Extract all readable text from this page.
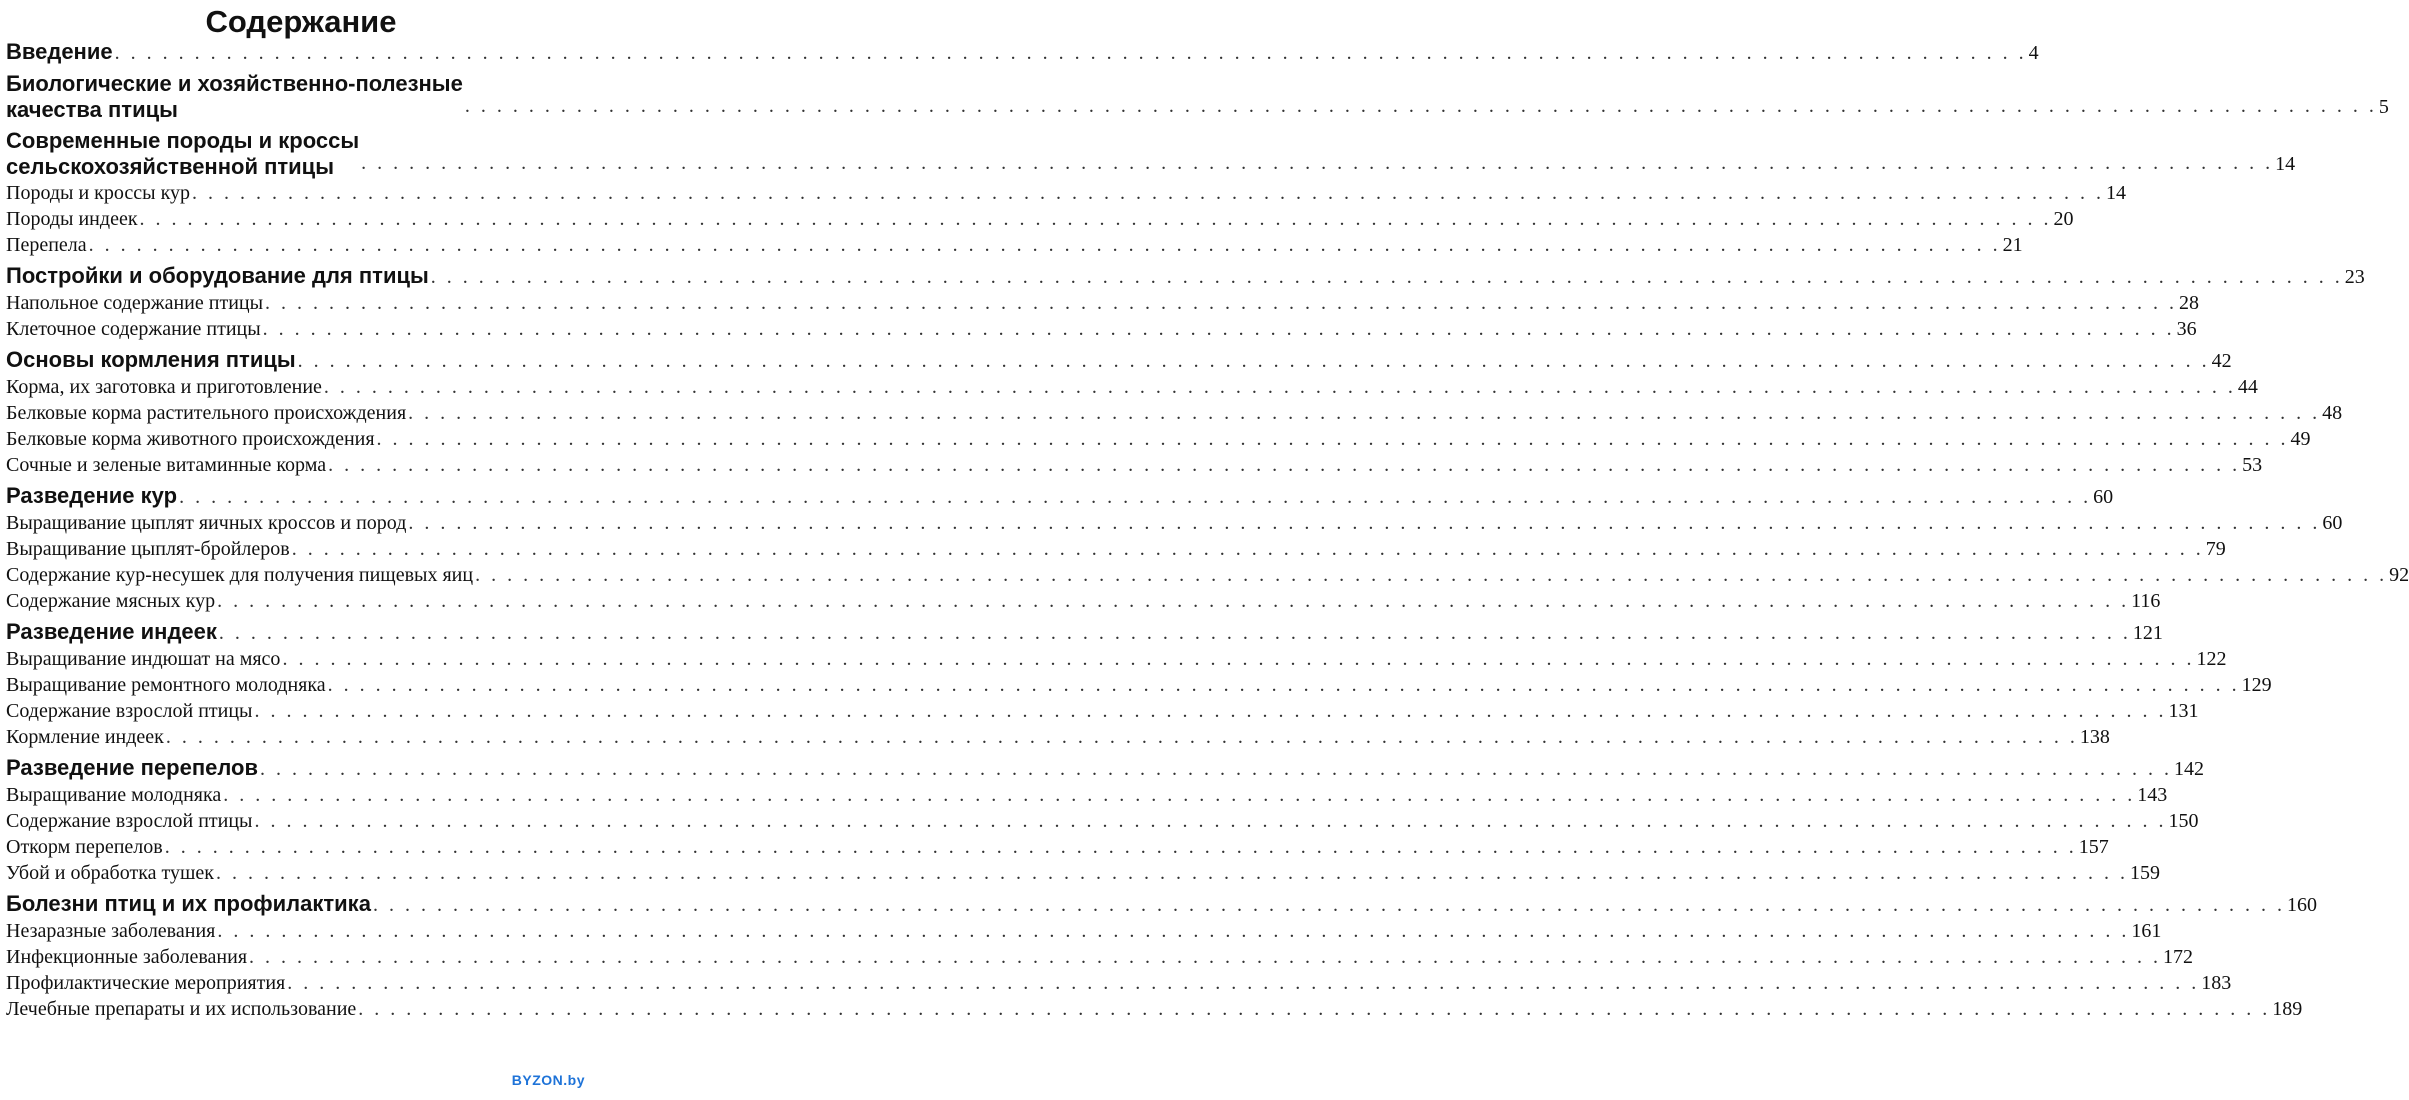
Содержание
Введение . . . . . . . . . . . . . . . . . . . . . . . . . . . . . . . . . . . . . . . . . . . . . . . . . . . . . . . . . . . . . . . . . . . . . . . . . . . . . . . . . . . . . . . . . . . . . . . . . . . . . . . . . . . . . . . . . . . . . . . . 4
Биологические и хозяйственно-полезные
качества птицы	. . . . . . . . . . . . . . . . . . . . . . . . . . . . . . . . . . . . . . . . . . . . . . . . . . . . . . . . . . . . . . . . . . . . . . . . . . . . . . . . . . . . . . . . . . . . . . . . . . . . . . . . . . . . . . . . . . . . . . . . 5
Современные породы и кроссы
сельскохозяйственной птицы	. . . . . . . . . . . . . . . . . . . . . . . . . . . . . . . . . . . . . . . . . . . . . . . . . . . . . . . . . . . . . . . . . . . . . . . . . . . . . . . . . . . . . . . . . . . . . . . . . . . . . . . . . . . . . . . . . . . . . . . . 14
Породы и кроссы кур . . . . . . . . . . . . . . . . . . . . . . . . . . . . . . . . . . . . . . . . . . . . . . . . . . . . . . . . . . . . . . . . . . . . . . . . . . . . . . . . . . . . . . . . . . . . . . . . . . . . . . . . . . . . . . . . . . . . . . . . 14
Породы индеек . . . . . . . . . . . . . . . . . . . . . . . . . . . . . . . . . . . . . . . . . . . . . . . . . . . . . . . . . . . . . . . . . . . . . . . . . . . . . . . . . . . . . . . . . . . . . . . . . . . . . . . . . . . . . . . . . . . . . . . . 20
Перепела . . . . . . . . . . . . . . . . . . . . . . . . . . . . . . . . . . . . . . . . . . . . . . . . . . . . . . . . . . . . . . . . . . . . . . . . . . . . . . . . . . . . . . . . . . . . . . . . . . . . . . . . . . . . . . . . . . . . . . . . 21
Постройки и оборудование для птицы . . . . . . . . . . . . . . . . . . . . . . . . . . . . . . . . . . . . . . . . . . . . . . . . . . . . . . . . . . . . . . . . . . . . . . . . . . . . . . . . . . . . . . . . . . . . . . . . . . . . . . . . . . . . . . . . . . . . . . . . 23
Напольное содержание птицы . . . . . . . . . . . . . . . . . . . . . . . . . . . . . . . . . . . . . . . . . . . . . . . . . . . . . . . . . . . . . . . . . . . . . . . . . . . . . . . . . . . . . . . . . . . . . . . . . . . . . . . . . . . . . . . . . . . . . . . . 28
Клеточное содержание птицы . . . . . . . . . . . . . . . . . . . . . . . . . . . . . . . . . . . . . . . . . . . . . . . . . . . . . . . . . . . . . . . . . . . . . . . . . . . . . . . . . . . . . . . . . . . . . . . . . . . . . . . . . . . . . . . . . . . . . . . . 36
Основы кормления птицы . . . . . . . . . . . . . . . . . . . . . . . . . . . . . . . . . . . . . . . . . . . . . . . . . . . . . . . . . . . . . . . . . . . . . . . . . . . . . . . . . . . . . . . . . . . . . . . . . . . . . . . . . . . . . . . . . . . . . . . . 42
Корма, их заготовка и приготовление . . . . . . . . . . . . . . . . . . . . . . . . . . . . . . . . . . . . . . . . . . . . . . . . . . . . . . . . . . . . . . . . . . . . . . . . . . . . . . . . . . . . . . . . . . . . . . . . . . . . . . . . . . . . . . . . . . . . . . . . 44
Белковые корма растительного происхождения . . . . . . . . . . . . . . . . . . . . . . . . . . . . . . . . . . . . . . . . . . . . . . . . . . . . . . . . . . . . . . . . . . . . . . . . . . . . . . . . . . . . . . . . . . . . . . . . . . . . . . . . . . . . . . . . . . . . . . . . 48
Белковые корма животного происхождения . . . . . . . . . . . . . . . . . . . . . . . . . . . . . . . . . . . . . . . . . . . . . . . . . . . . . . . . . . . . . . . . . . . . . . . . . . . . . . . . . . . . . . . . . . . . . . . . . . . . . . . . . . . . . . . . . . . . . . . . 49
Сочные и зеленые витаминные корма . . . . . . . . . . . . . . . . . . . . . . . . . . . . . . . . . . . . . . . . . . . . . . . . . . . . . . . . . . . . . . . . . . . . . . . . . . . . . . . . . . . . . . . . . . . . . . . . . . . . . . . . . . . . . . . . . . . . . . . . 53
Разведение кур . . . . . . . . . . . . . . . . . . . . . . . . . . . . . . . . . . . . . . . . . . . . . . . . . . . . . . . . . . . . . . . . . . . . . . . . . . . . . . . . . . . . . . . . . . . . . . . . . . . . . . . . . . . . . . . . . . . . . . . . 60
Выращивание цыплят яичных кроссов и пород . . . . . . . . . . . . . . . . . . . . . . . . . . . . . . . . . . . . . . . . . . . . . . . . . . . . . . . . . . . . . . . . . . . . . . . . . . . . . . . . . . . . . . . . . . . . . . . . . . . . . . . . . . . . . . . . . . . . . . . . 60
Выращивание цыплят-бройлеров . . . . . . . . . . . . . . . . . . . . . . . . . . . . . . . . . . . . . . . . . . . . . . . . . . . . . . . . . . . . . . . . . . . . . . . . . . . . . . . . . . . . . . . . . . . . . . . . . . . . . . . . . . . . . . . . . . . . . . . . 79
Содержание кур-несушек для получения пищевых яиц . . . . . . . . . . . . . . . . . . . . . . . . . . . . . . . . . . . . . . . . . . . . . . . . . . . . . . . . . . . . . . . . . . . . . . . . . . . . . . . . . . . . . . . . . . . . . . . . . . . . . . . . . . . . . . . . . . . . . . . . 92
Содержание мясных кур . . . . . . . . . . . . . . . . . . . . . . . . . . . . . . . . . . . . . . . . . . . . . . . . . . . . . . . . . . . . . . . . . . . . . . . . . . . . . . . . . . . . . . . . . . . . . . . . . . . . . . . . . . . . . . . . . . . . . . . . 116
Разведение индеек . . . . . . . . . . . . . . . . . . . . . . . . . . . . . . . . . . . . . . . . . . . . . . . . . . . . . . . . . . . . . . . . . . . . . . . . . . . . . . . . . . . . . . . . . . . . . . . . . . . . . . . . . . . . . . . . . . . . . . . . 121
Выращивание индюшат на мясо . . . . . . . . . . . . . . . . . . . . . . . . . . . . . . . . . . . . . . . . . . . . . . . . . . . . . . . . . . . . . . . . . . . . . . . . . . . . . . . . . . . . . . . . . . . . . . . . . . . . . . . . . . . . . . . . . . . . . . . . 122
Выращивание ремонтного молодняка . . . . . . . . . . . . . . . . . . . . . . . . . . . . . . . . . . . . . . . . . . . . . . . . . . . . . . . . . . . . . . . . . . . . . . . . . . . . . . . . . . . . . . . . . . . . . . . . . . . . . . . . . . . . . . . . . . . . . . . . 129
Содержание взрослой птицы . . . . . . . . . . . . . . . . . . . . . . . . . . . . . . . . . . . . . . . . . . . . . . . . . . . . . . . . . . . . . . . . . . . . . . . . . . . . . . . . . . . . . . . . . . . . . . . . . . . . . . . . . . . . . . . . . . . . . . . . 131
Кормление индеек . . . . . . . . . . . . . . . . . . . . . . . . . . . . . . . . . . . . . . . . . . . . . . . . . . . . . . . . . . . . . . . . . . . . . . . . . . . . . . . . . . . . . . . . . . . . . . . . . . . . . . . . . . . . . . . . . . . . . . . . 138
Разведение перепелов . . . . . . . . . . . . . . . . . . . . . . . . . . . . . . . . . . . . . . . . . . . . . . . . . . . . . . . . . . . . . . . . . . . . . . . . . . . . . . . . . . . . . . . . . . . . . . . . . . . . . . . . . . . . . . . . . . . . . . . . 142
Выращивание молодняка . . . . . . . . . . . . . . . . . . . . . . . . . . . . . . . . . . . . . . . . . . . . . . . . . . . . . . . . . . . . . . . . . . . . . . . . . . . . . . . . . . . . . . . . . . . . . . . . . . . . . . . . . . . . . . . . . . . . . . . . 143
Содержание взрослой птицы . . . . . . . . . . . . . . . . . . . . . . . . . . . . . . . . . . . . . . . . . . . . . . . . . . . . . . . . . . . . . . . . . . . . . . . . . . . . . . . . . . . . . . . . . . . . . . . . . . . . . . . . . . . . . . . . . . . . . . . . 150
Откорм перепелов . . . . . . . . . . . . . . . . . . . . . . . . . . . . . . . . . . . . . . . . . . . . . . . . . . . . . . . . . . . . . . . . . . . . . . . . . . . . . . . . . . . . . . . . . . . . . . . . . . . . . . . . . . . . . . . . . . . . . . . . 157
Убой и обработка тушек . . . . . . . . . . . . . . . . . . . . . . . . . . . . . . . . . . . . . . . . . . . . . . . . . . . . . . . . . . . . . . . . . . . . . . . . . . . . . . . . . . . . . . . . . . . . . . . . . . . . . . . . . . . . . . . . . . . . . . . . 159
Болезни птиц и их профилактика . . . . . . . . . . . . . . . . . . . . . . . . . . . . . . . . . . . . . . . . . . . . . . . . . . . . . . . . . . . . . . . . . . . . . . . . . . . . . . . . . . . . . . . . . . . . . . . . . . . . . . . . . . . . . . . . . . . . . . . . 160
Незаразные заболевания . . . . . . . . . . . . . . . . . . . . . . . . . . . . . . . . . . . . . . . . . . . . . . . . . . . . . . . . . . . . . . . . . . . . . . . . . . . . . . . . . . . . . . . . . . . . . . . . . . . . . . . . . . . . . . . . . . . . . . . . 161
Инфекционные заболевания . . . . . . . . . . . . . . . . . . . . . . . . . . . . . . . . . . . . . . . . . . . . . . . . . . . . . . . . . . . . . . . . . . . . . . . . . . . . . . . . . . . . . . . . . . . . . . . . . . . . . . . . . . . . . . . . . . . . . . . . 172
Профилактические мероприятия . . . . . . . . . . . . . . . . . . . . . . . . . . . . . . . . . . . . . . . . . . . . . . . . . . . . . . . . . . . . . . . . . . . . . . . . . . . . . . . . . . . . . . . . . . . . . . . . . . . . . . . . . . . . . . . . . . . . . . . . 183
Лечебные препараты и их использование . . . . . . . . . . . . . . . . . . . . . . . . . . . . . . . . . . . . . . . . . . . . . . . . . . . . . . . . . . . . . . . . . . . . . . . . . . . . . . . . . . . . . . . . . . . . . . . . . . . . . . . . . . . . . . . . . . . . . . . . 189
BYZON.by
